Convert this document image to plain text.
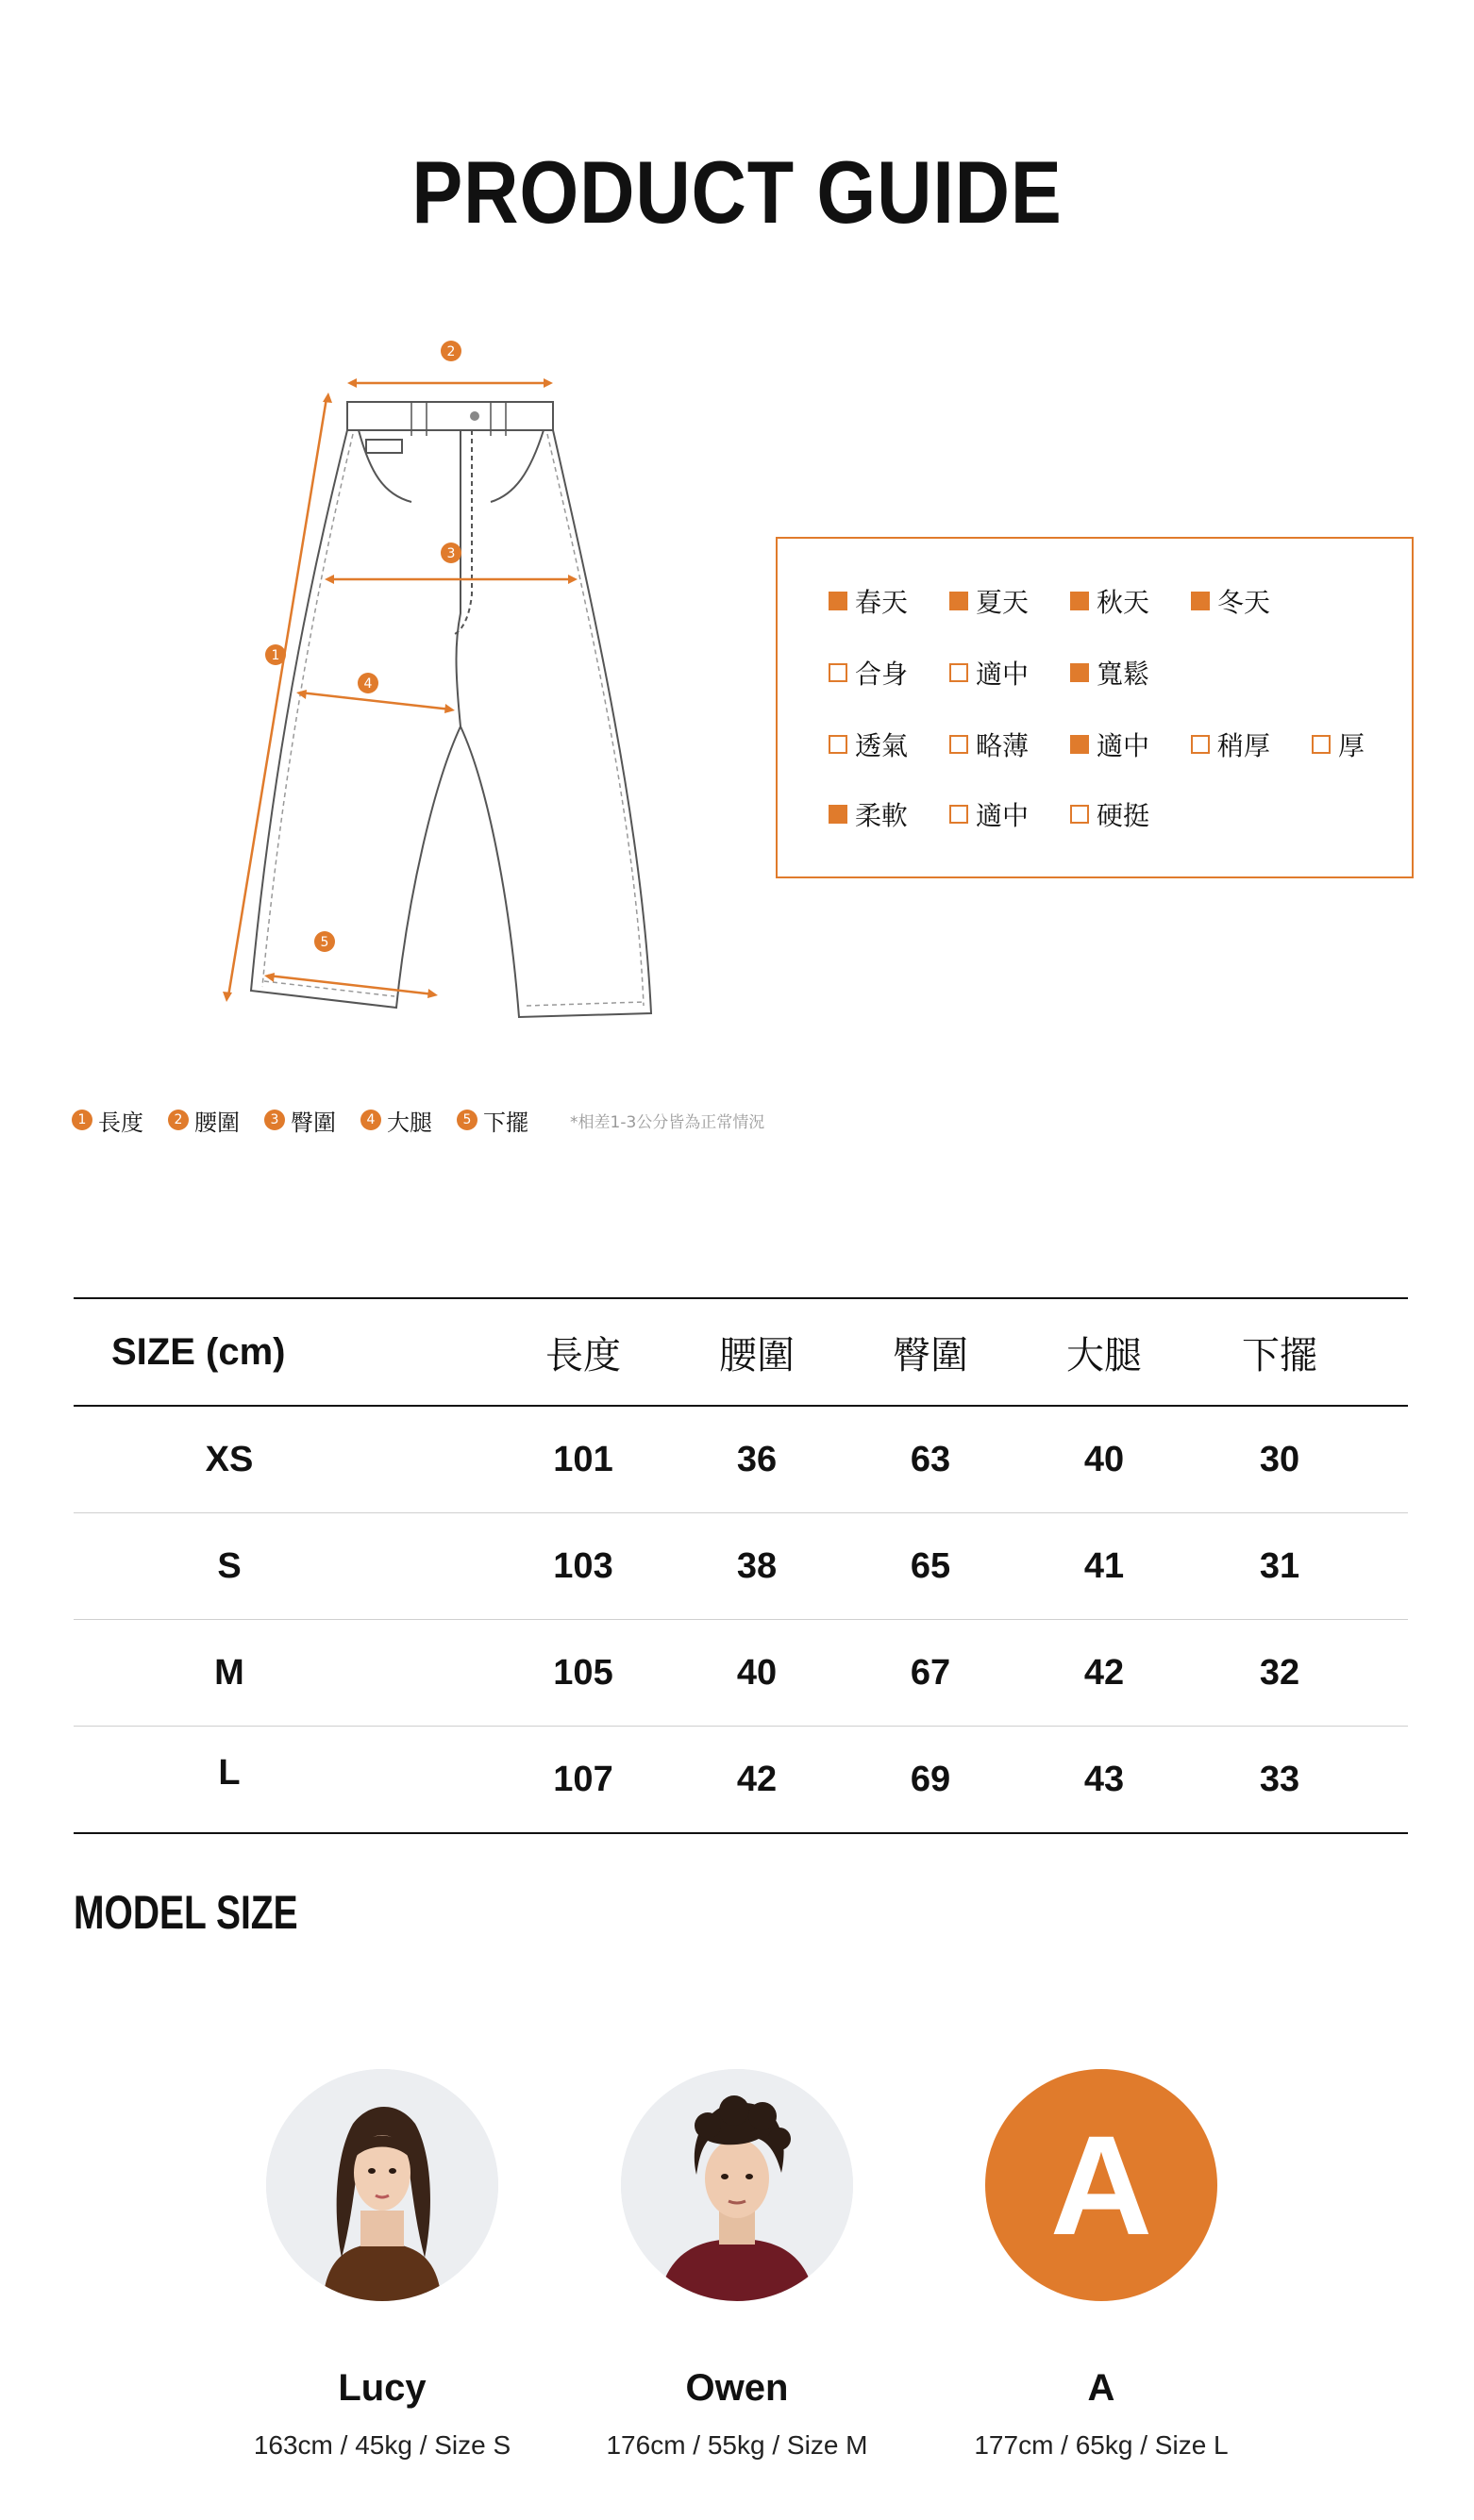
PRODUCT GUIDE
2
3
4
1
5
春天	夏天	秋天	冬天
合身	適中	寬鬆
透氣	略薄	適中	稍厚	厚
柔軟	適中	硬挺
1 長度	2 腰圍	3 臀圍	4 大腿	5 下擺	*相差1-3公分皆為正常情況
SIZE (cm)	長度	腰圍	臀圍	大腿	下擺
XS	101	36	63	40	30
S	103	38	65	41	31
M	105	40	67	42	32
L	107	42	69	43	33
MODEL SIZE
Lucy
163cm / 45kg / Size S
Owen
176cm / 55kg / Size M
A
A
177cm / 65kg / Size L
